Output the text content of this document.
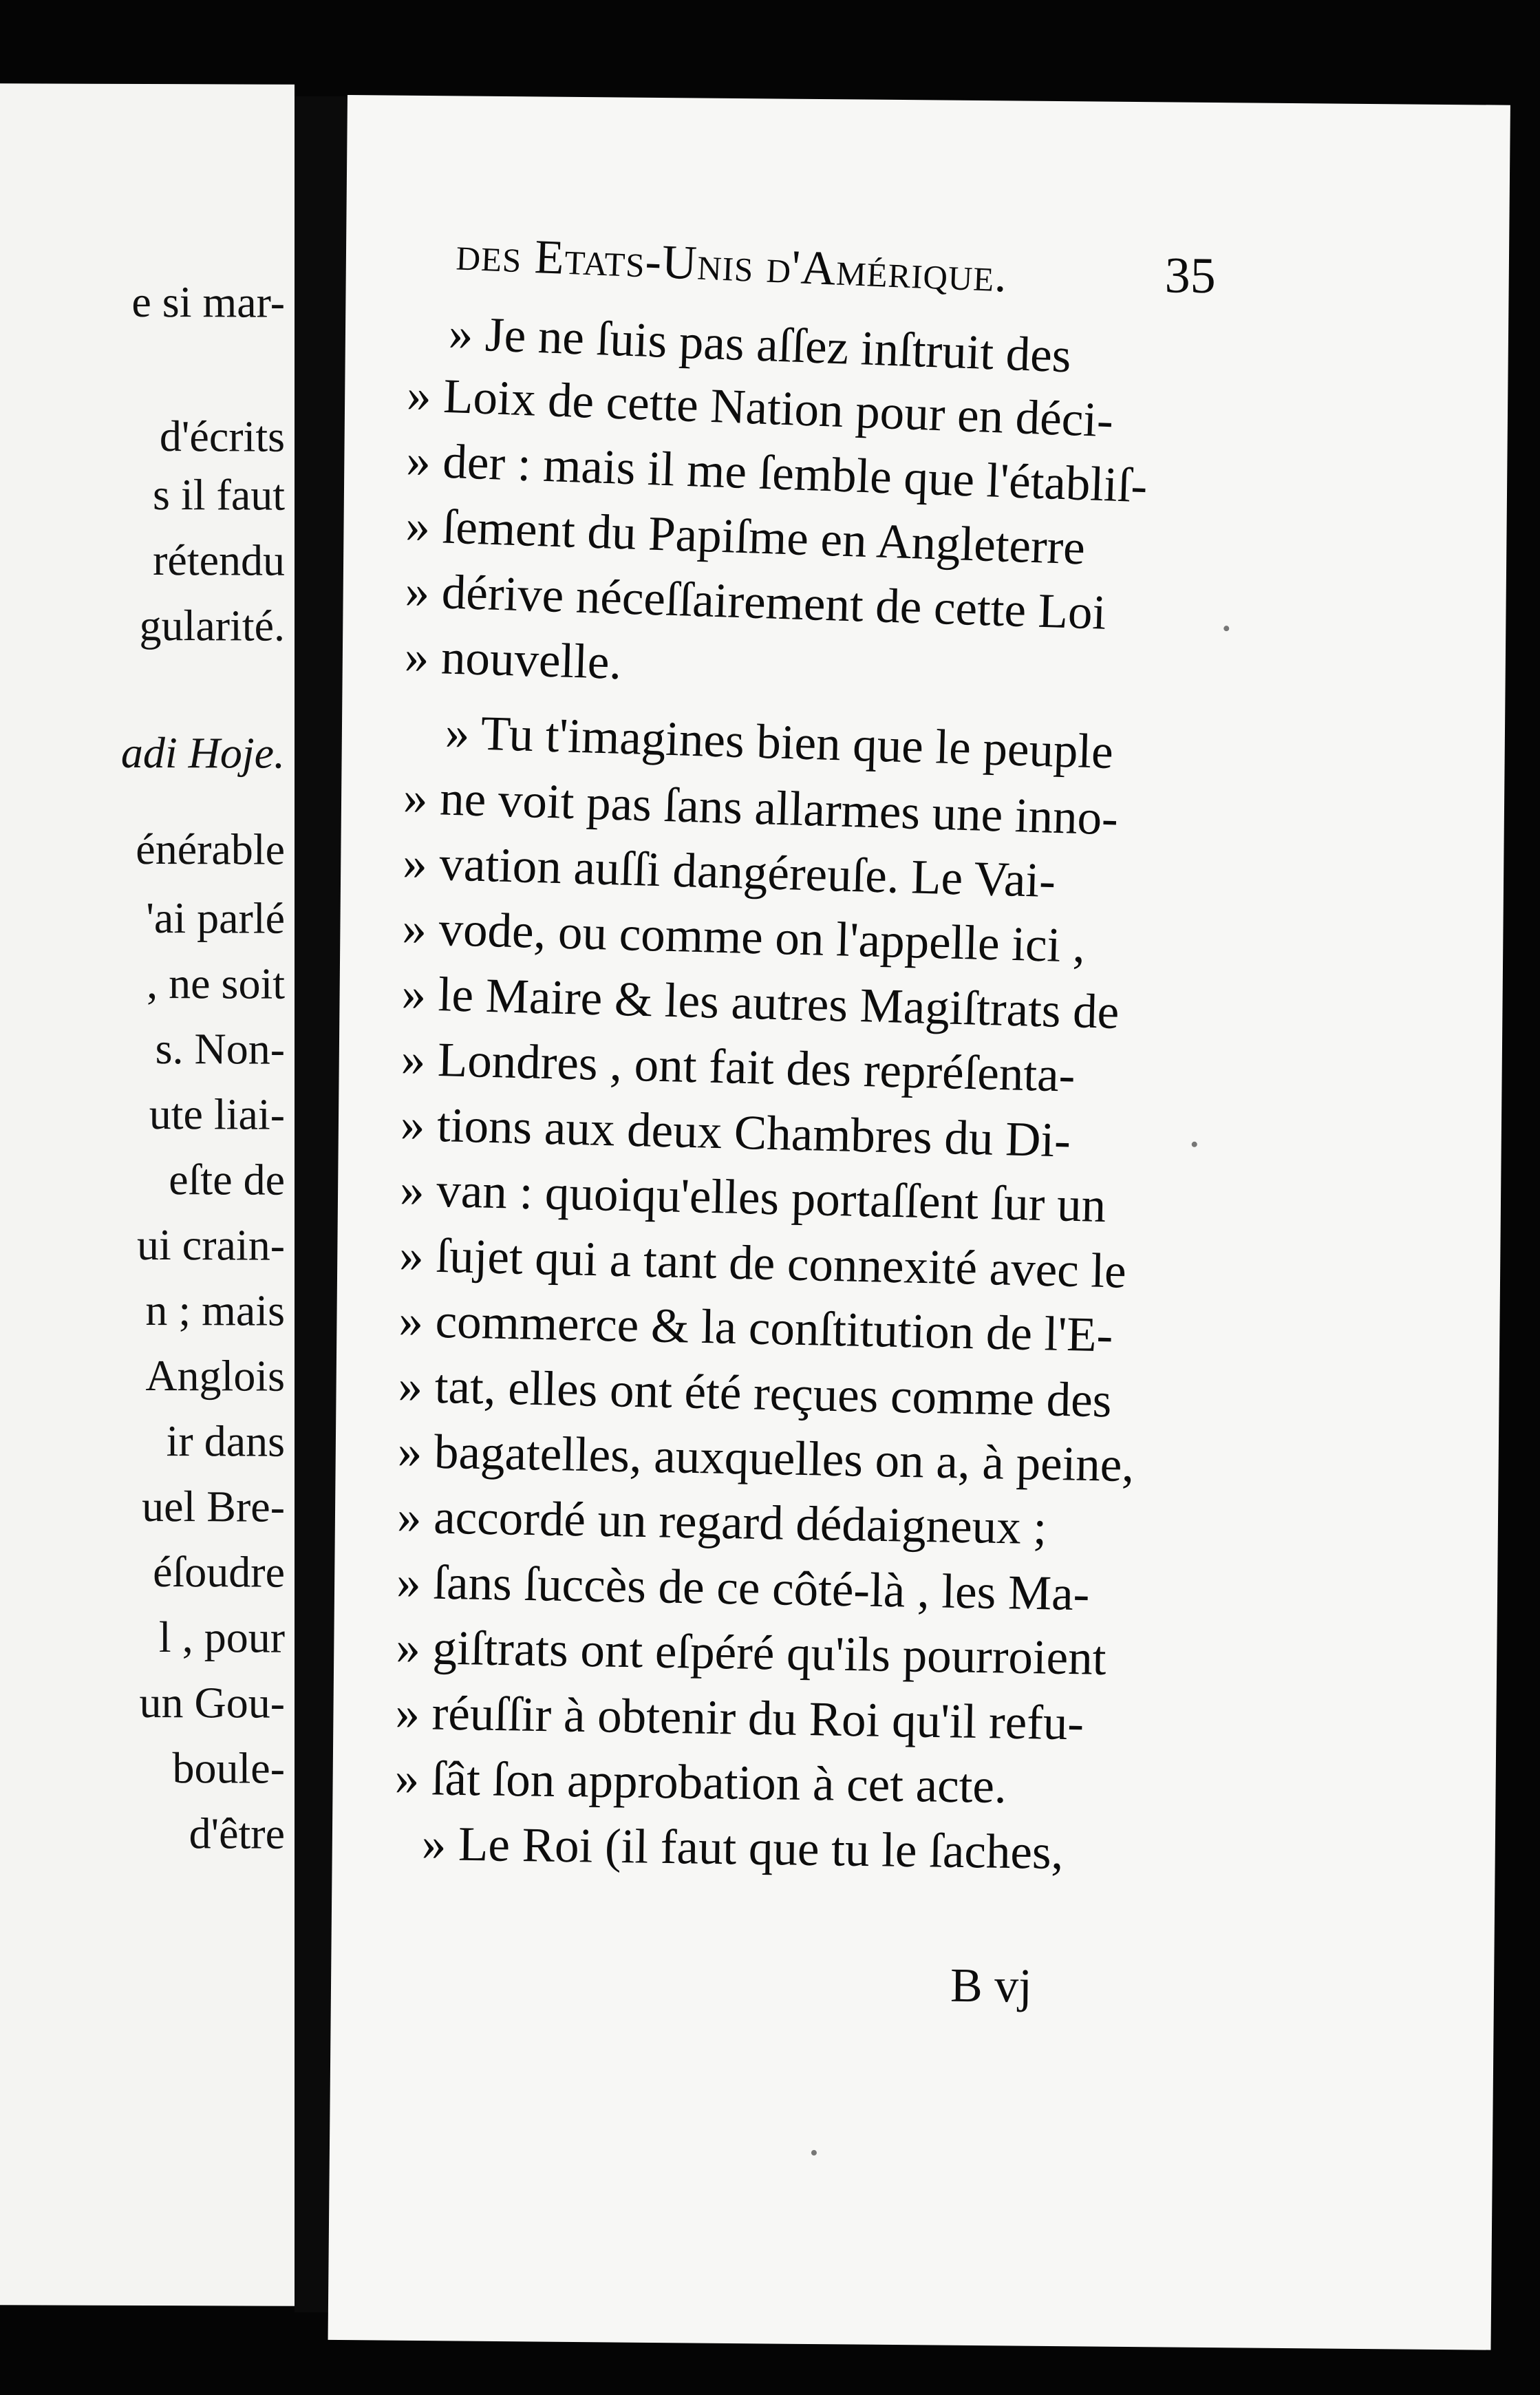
e si mar-
d'écrits
s il faut
rétendu
gularité.
adi Hoje.
énérable
'ai parlé
, ne soit
s. Non-
ute liai-
eſte de
ui crain-
n ; mais
Anglois
ir dans
uel Bre-
éſoudre
l , pour
un Gou-
boule-
d'être
des Etats-Unis d'Amérique.	35
» Je ne ſuis pas aſſez inſtruit des
» Loix de cette Nation pour en déci-
» der : mais il me ſemble que l'établiſ-
» ſement du Papiſme en Angleterre
» dérive néceſſairement de cette Loi
» nouvelle.
» Tu t'imagines bien que le peuple
» ne voit pas ſans allarmes une inno-
» vation auſſi dangéreuſe. Le Vai-
» vode, ou comme on l'appelle ici ,
» le Maire & les autres Magiſtrats de
» Londres , ont fait des repréſenta-
» tions aux deux Chambres du Di-
» van : quoiqu'elles portaſſent ſur un
» ſujet qui a tant de connexité avec le
» commerce & la conſtitution de l'E-
» tat, elles ont été reçues comme des
» bagatelles, auxquelles on a, à peine,
» accordé un regard dédaigneux ;
» ſans ſuccès de ce côté-là , les Ma-
» giſtrats ont eſpéré qu'ils pourroient
» réuſſir à obtenir du Roi qu'il refu-
» ſât ſon approbation à cet acte.
» Le Roi (il faut que tu le ſaches,
B vj
